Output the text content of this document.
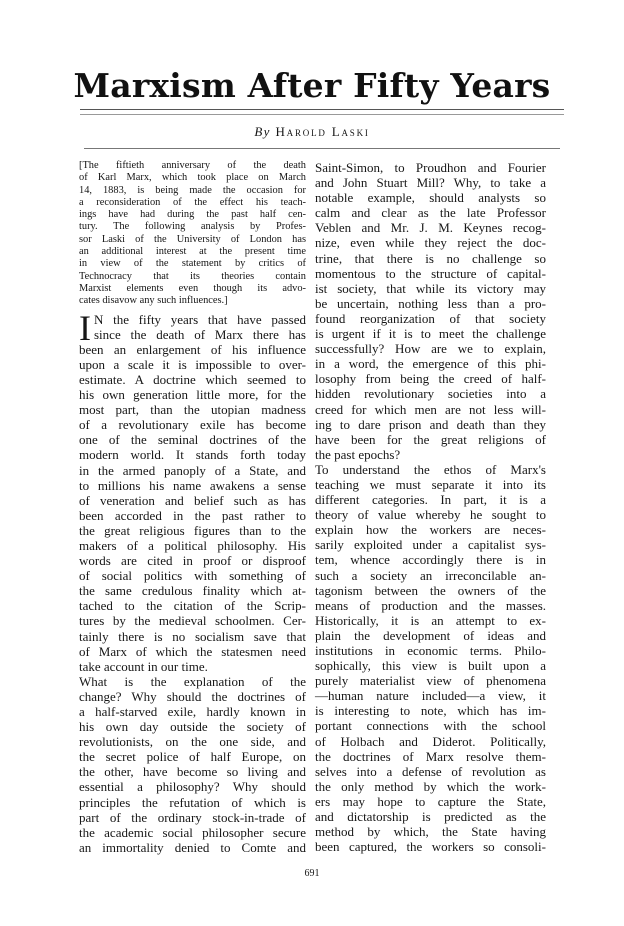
Marxism After Fifty Years
By Harold Laski
[The fiftieth anniversary of the death
of Karl Marx, which took place on March
14, 1883, is being made the occasion for
a reconsideration of the effect his teach-
ings have had during the past half cen-
tury. The following analysis by Profes-
sor Laski of the University of London has
an additional interest at the present time
in view of the statement by critics of
Technocracy that its theories contain
Marxist elements even though its advo-
cates disavow any such influences.]
I N the fifty years that have passed
since the death of Marx there has
been an enlargement of his influence
upon a scale it is impossible to over-
estimate. A doctrine which seemed to
his own generation little more, for the
most part, than the utopian madness
of a revolutionary exile has become
one of the seminal doctrines of the
modern world. It stands forth today
in the armed panoply of a State, and
to millions his name awakens a sense
of veneration and belief such as has
been accorded in the past rather to
the great religious figures than to the
makers of a political philosophy. His
words are cited in proof or disproof
of social politics with something of
the same credulous finality which at-
tached to the citation of the Scrip-
tures by the medieval schoolmen. Cer-
tainly there is no socialism save that
of Marx of which the statesmen need
take account in our time.
What is the explanation of the
change? Why should the doctrines of
a half-starved exile, hardly known in
his own day outside the society of
revolutionists, on the one side, and
the secret police of half Europe, on
the other, have become so living and
essential a philosophy? Why should
principles the refutation of which is
part of the ordinary stock-in-trade of
the academic social philosopher secure
an immortality denied to Comte and
Saint-Simon, to Proudhon and Fourier
and John Stuart Mill? Why, to take a
notable example, should analysts so
calm and clear as the late Professor
Veblen and Mr. J. M. Keynes recog-
nize, even while they reject the doc-
trine, that there is no challenge so
momentous to the structure of capital-
ist society, that while its victory may
be uncertain, nothing less than a pro-
found reorganization of that society
is urgent if it is to meet the challenge
successfully? How are we to explain,
in a word, the emergence of this phi-
losophy from being the creed of half-
hidden revolutionary societies into a
creed for which men are not less will-
ing to dare prison and death than they
have been for the great religions of
the past epochs?
To understand the ethos of Marx's
teaching we must separate it into its
different categories. In part, it is a
theory of value whereby he sought to
explain how the workers are neces-
sarily exploited under a capitalist sys-
tem, whence accordingly there is in
such a society an irreconcilable an-
tagonism between the owners of the
means of production and the masses.
Historically, it is an attempt to ex-
plain the development of ideas and
institutions in economic terms. Philo-
sophically, this view is built upon a
purely materialist view of phenomena
—human nature included—a view, it
is interesting to note, which has im-
portant connections with the school
of Holbach and Diderot. Politically,
the doctrines of Marx resolve them-
selves into a defense of revolution as
the only method by which the work-
ers may hope to capture the State,
and dictatorship is predicted as the
method by which, the State having
been captured, the workers so consoli-
691
